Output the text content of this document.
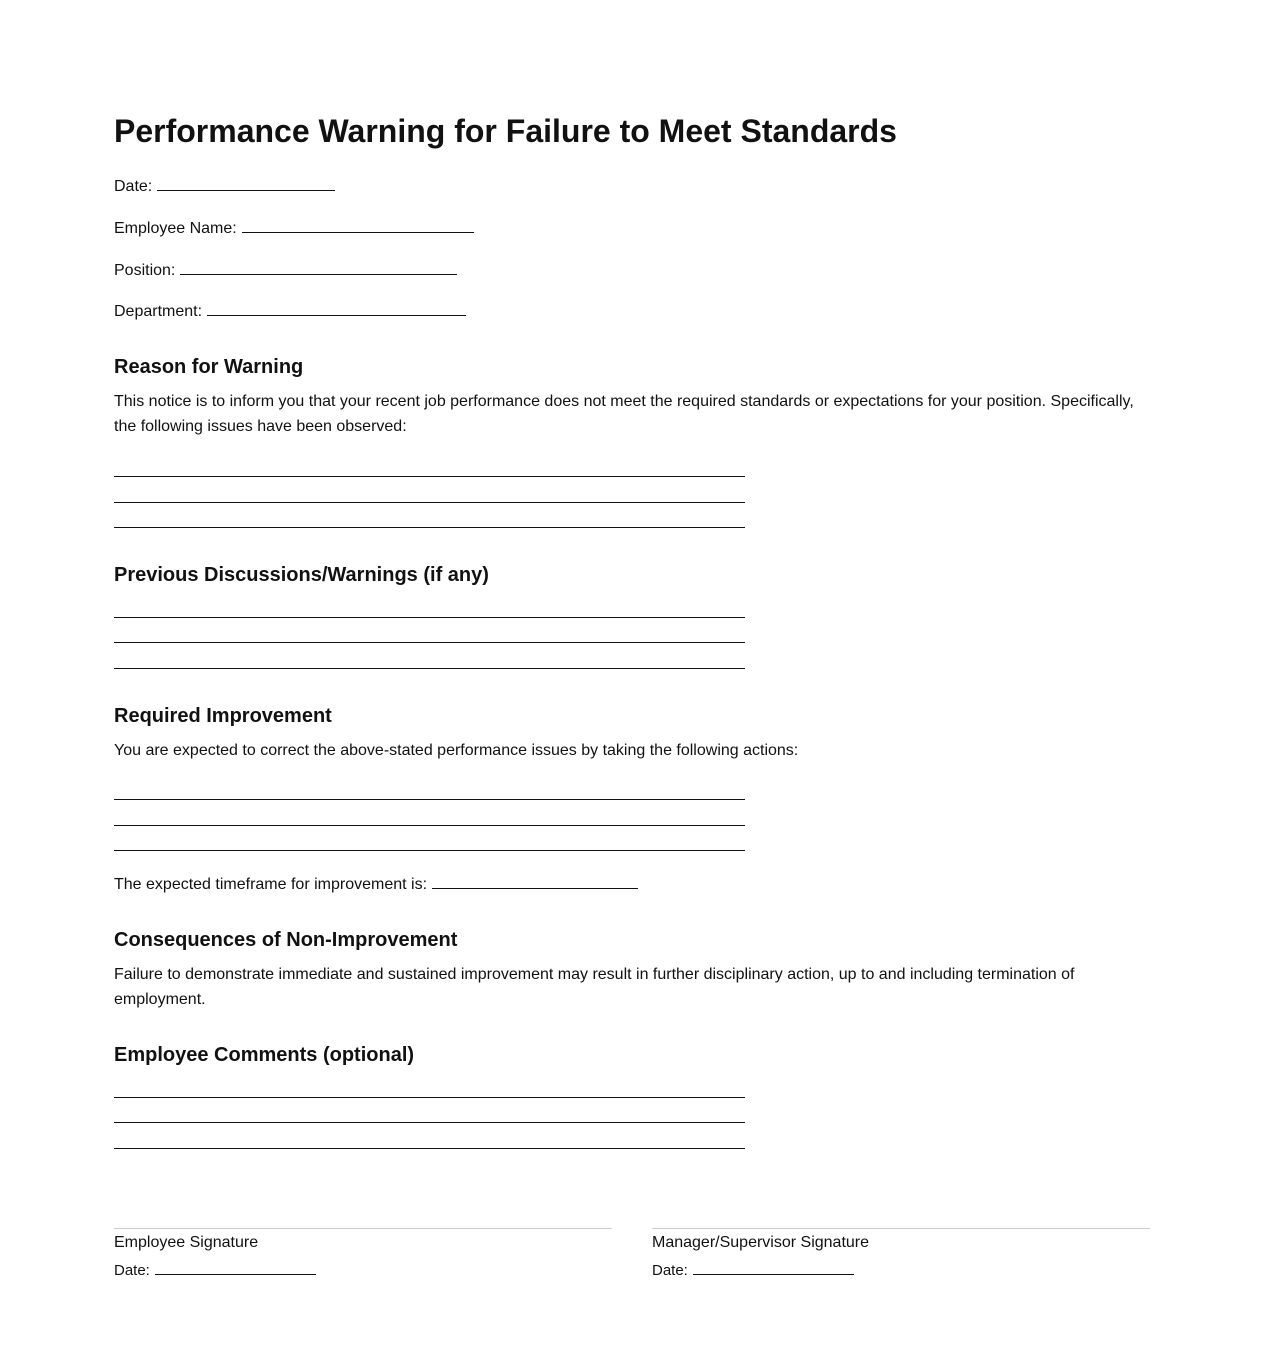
Performance Warning for Failure to Meet Standards
Date:
Employee Name:
Position:
Department:
Reason for Warning

This notice is to inform you that your recent job performance does not meet the required standards or expectations for your position. Specifically, the following issues have been observed:

Previous Discussions/Warnings (if any)
Required Improvement

You are expected to correct the above-stated performance issues by taking the following actions:

The expected timeframe for improvement is:
Consequences of Non-Improvement

Failure to demonstrate immediate and sustained improvement may result in further disciplinary action, up to and including termination of employment.

Employee Comments (optional)
Employee Signature
Date:
Manager/Supervisor Signature
Date:
